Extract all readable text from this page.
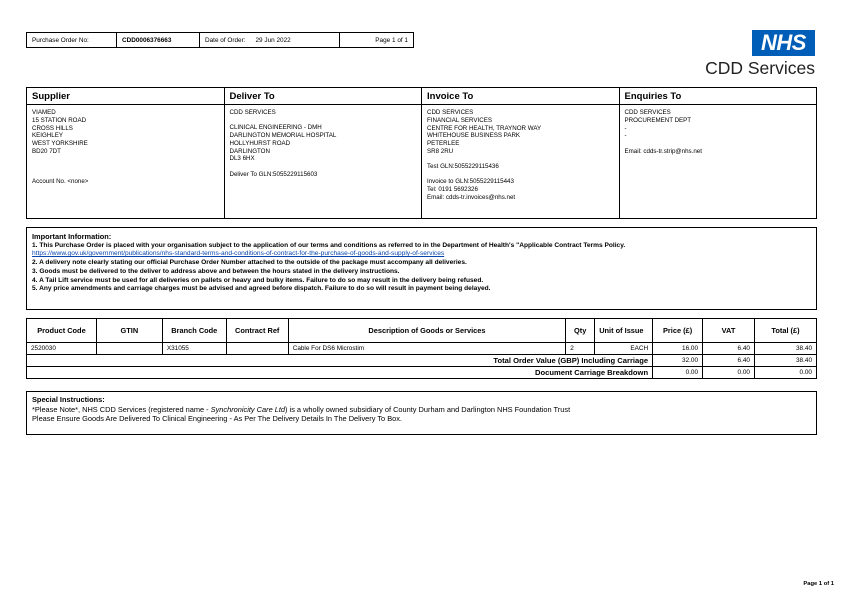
Purchase Order No:	CDD0006376663	Date of Order: 29 Jun 2022	Page 1 of 1	NHS
CDD Services
Supplier
VIAMED
15 STATION ROAD
CROSS HILLS
KEIGHLEY
WEST YORKSHIRE
BD20 7DT
Account No. <none>
Deliver To
CDD SERVICES
CLINICAL ENGINEERING - DMH
DARLINGTON MEMORIAL HOSPITAL
HOLLYHURST ROAD
DARLINGTON
DL3 6HX
Deliver To GLN:5055229115603
Invoice To
CDD SERVICES
FINANCIAL SERVICES
CENTRE FOR HEALTH, TRAYNOR WAY
WHITEHOUSE BUSINESS PARK
PETERLEE
SR8 2RU
Test GLN:5055229115436
Invoice to GLN:5055229115443
Tel: 0191 5692326
Email: cdds-tr.invoices@nhs.net
Enquiries To
CDD SERVICES
PROCUREMENT DEPT
-
-
Email: cdds-tr.strip@nhs.net
Important Information:
1. This Purchase Order is placed with your organisation subject to the application of our terms and conditions as referred to in the Department of Health's "Applicable Contract Terms Policy.
https://www.gov.uk/government/publications/nhs-standard-terms-and-conditions-of-contract-for-the-purchase-of-goods-and-supply-of-services
2. A delivery note clearly stating our official Purchase Order Number attached to the outside of the package must accompany all deliveries.
3. Goods must be delivered to the deliver to address above and between the hours stated in the delivery instructions.
4. A Tail Lift service must be used for all deliveries on pallets or heavy and bulky items. Failure to do so may result in the delivery being refused.
5. Any price amendments and carriage charges must be advised and agreed before dispatch. Failure to do so will result in payment being delayed.
Product Code	GTIN	Branch Code	Contract Ref	Description of Goods or Services	Qty	Unit of Issue	Price (£)	VAT	Total (£)
2520030		X31055		Cable For DS6 Microstim	2	EACH	16.00	6.40	38.40
Total Order Value (GBP) Including Carriage							32.00	6.40	38.40
Document Carriage Breakdown							0.00	0.00	0.00
Special Instructions:
*Please Note*, NHS CDD Services (registered name - Synchronicity Care Ltd) is a wholly owned subsidiary of County Durham and Darlington NHS Foundation Trust
Please Ensure Goods Are Delivered To Clinical Engineering - As Per The Delivery Details In The Delivery To Box.
Page 1 of 1
